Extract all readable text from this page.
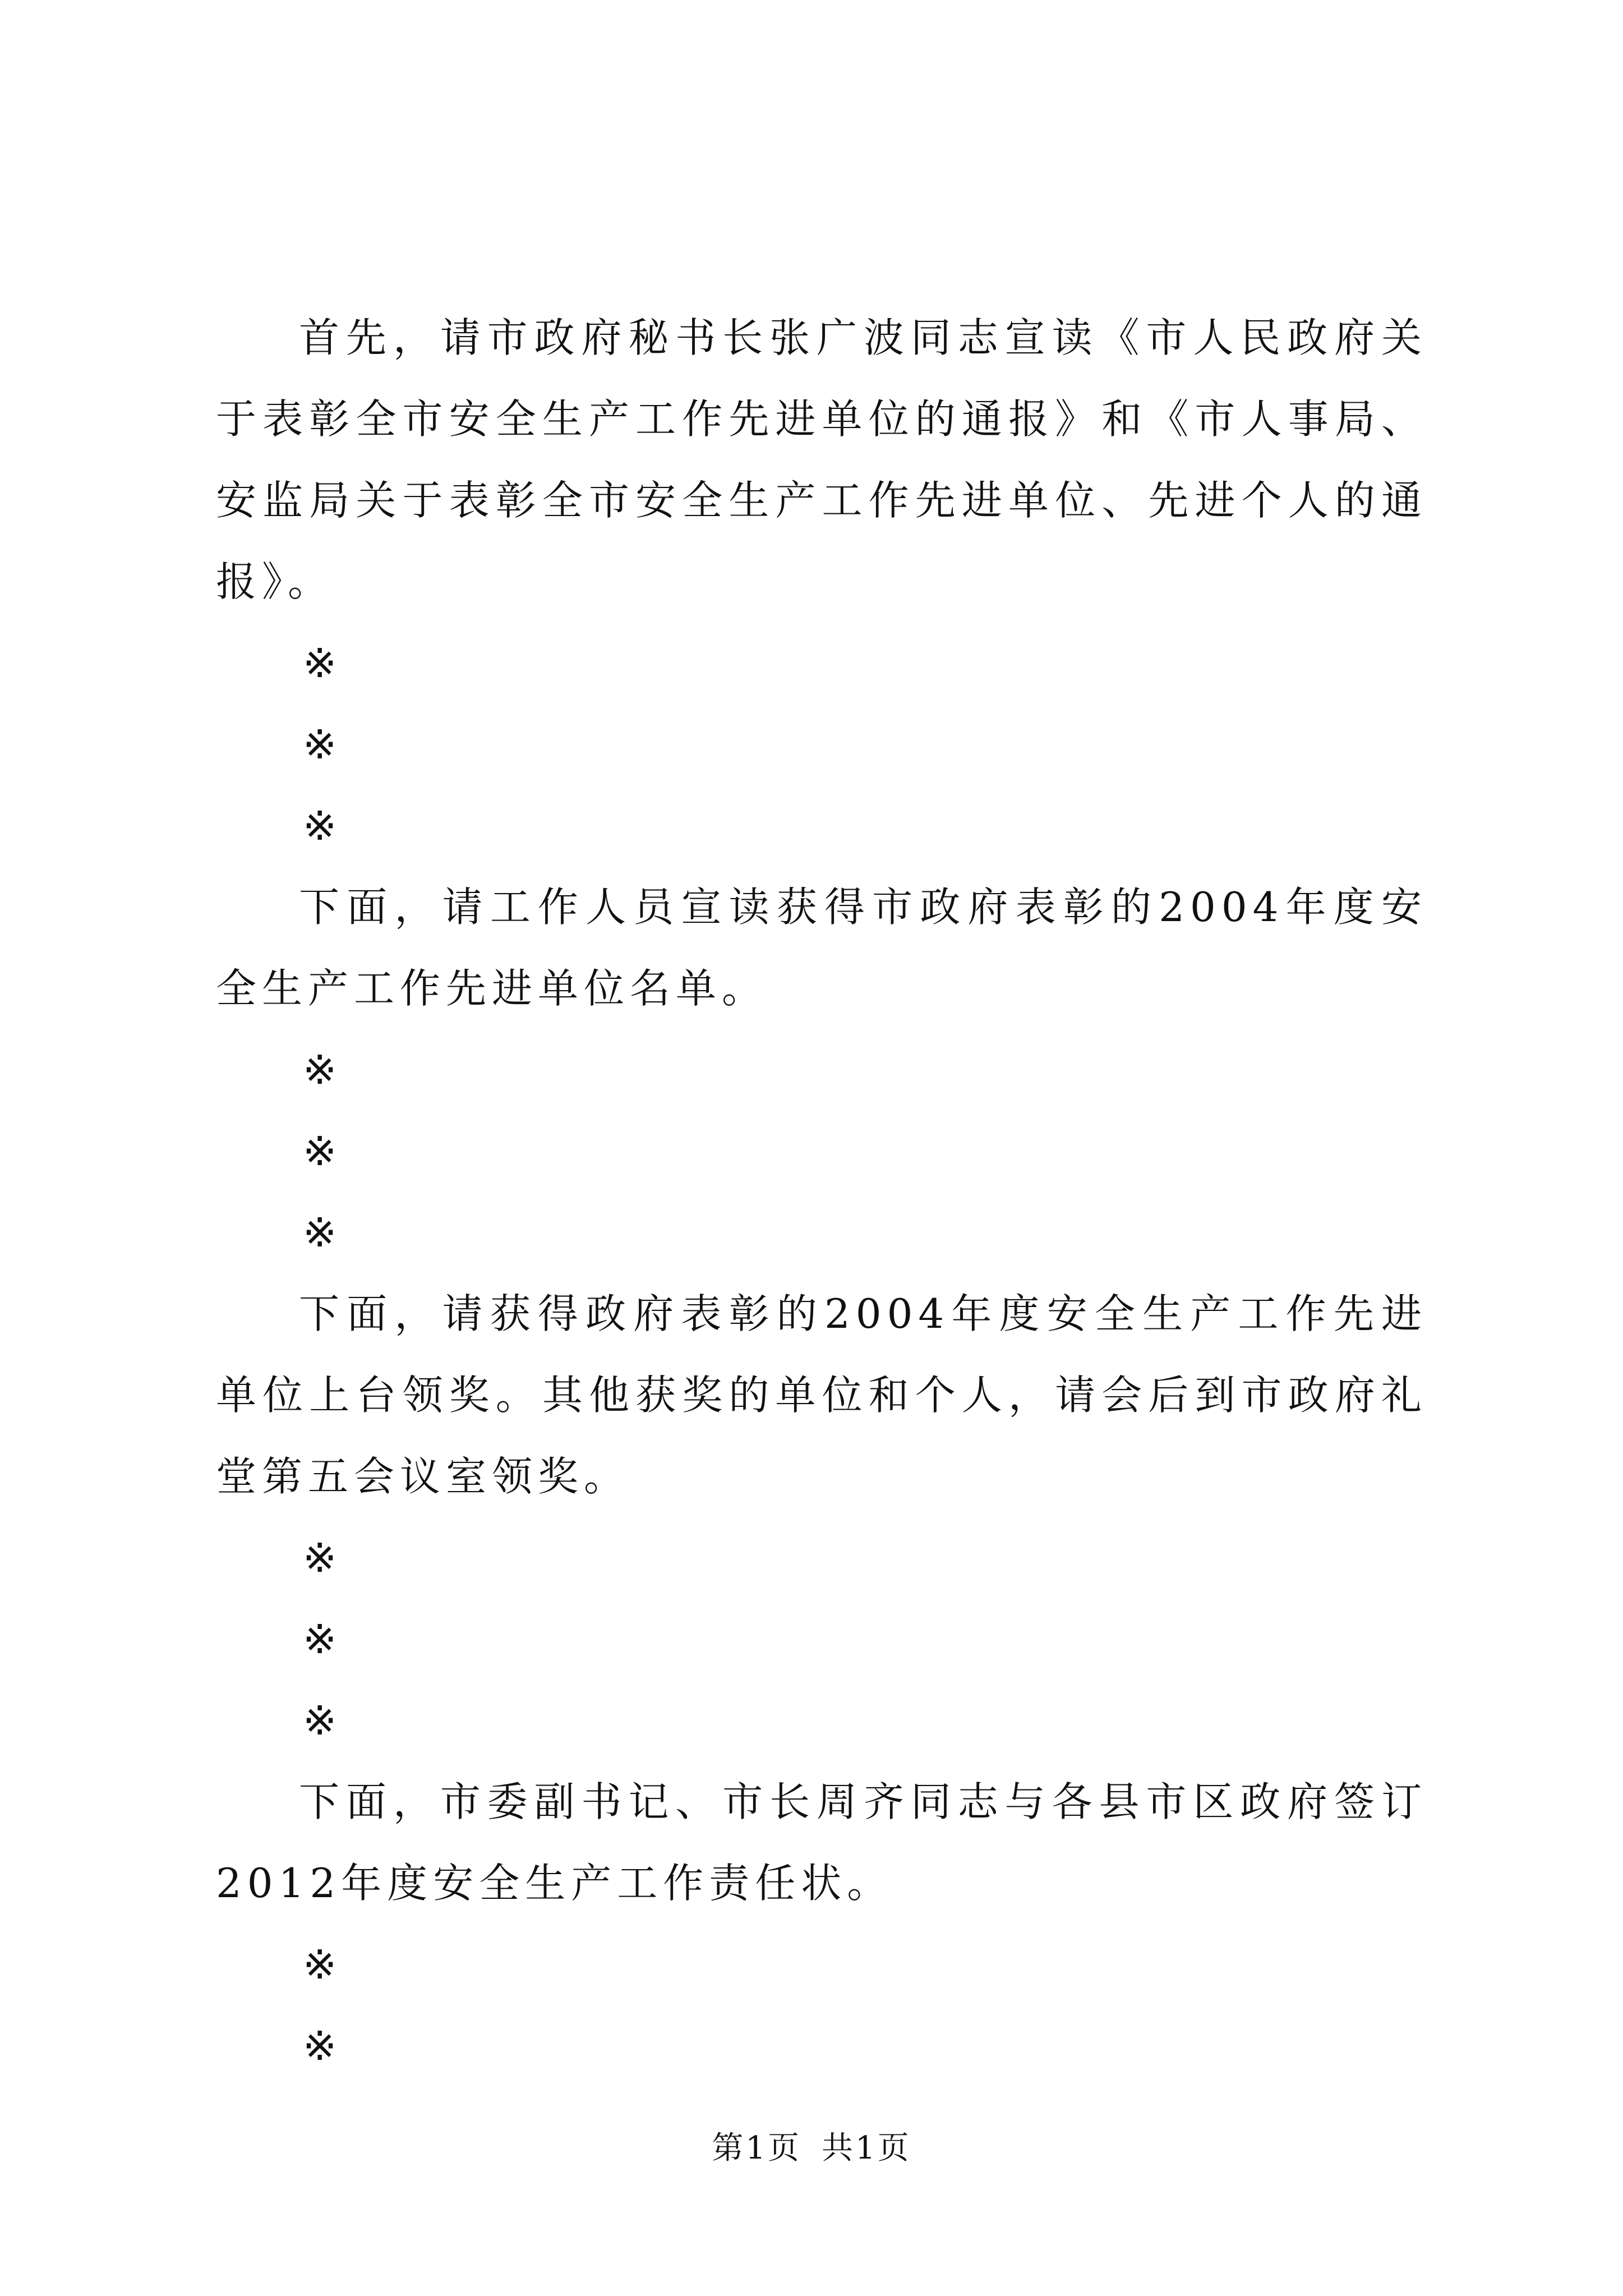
首先，请市政府秘书长张广波同志宣读《市人民政府关于表彰全市安全生产工作先进单位的通报》和《市人事局、安监局关于表彰全市安全生产工作先进单位、先进个人的通报》。

※

※

※

下面，请工作人员宣读获得市政府表彰的2004年度安全生产工作先进单位名单。

※

※

※

下面，请获得政府表彰的2004年度安全生产工作先进单位上台领奖。其他获奖的单位和个人，请会后到市政府礼堂第五会议室领奖。

※

※

※

下面，市委副书记、市长周齐同志与各县市区政府签订2012年度安全生产工作责任状。

※

※

第1页 共1页
